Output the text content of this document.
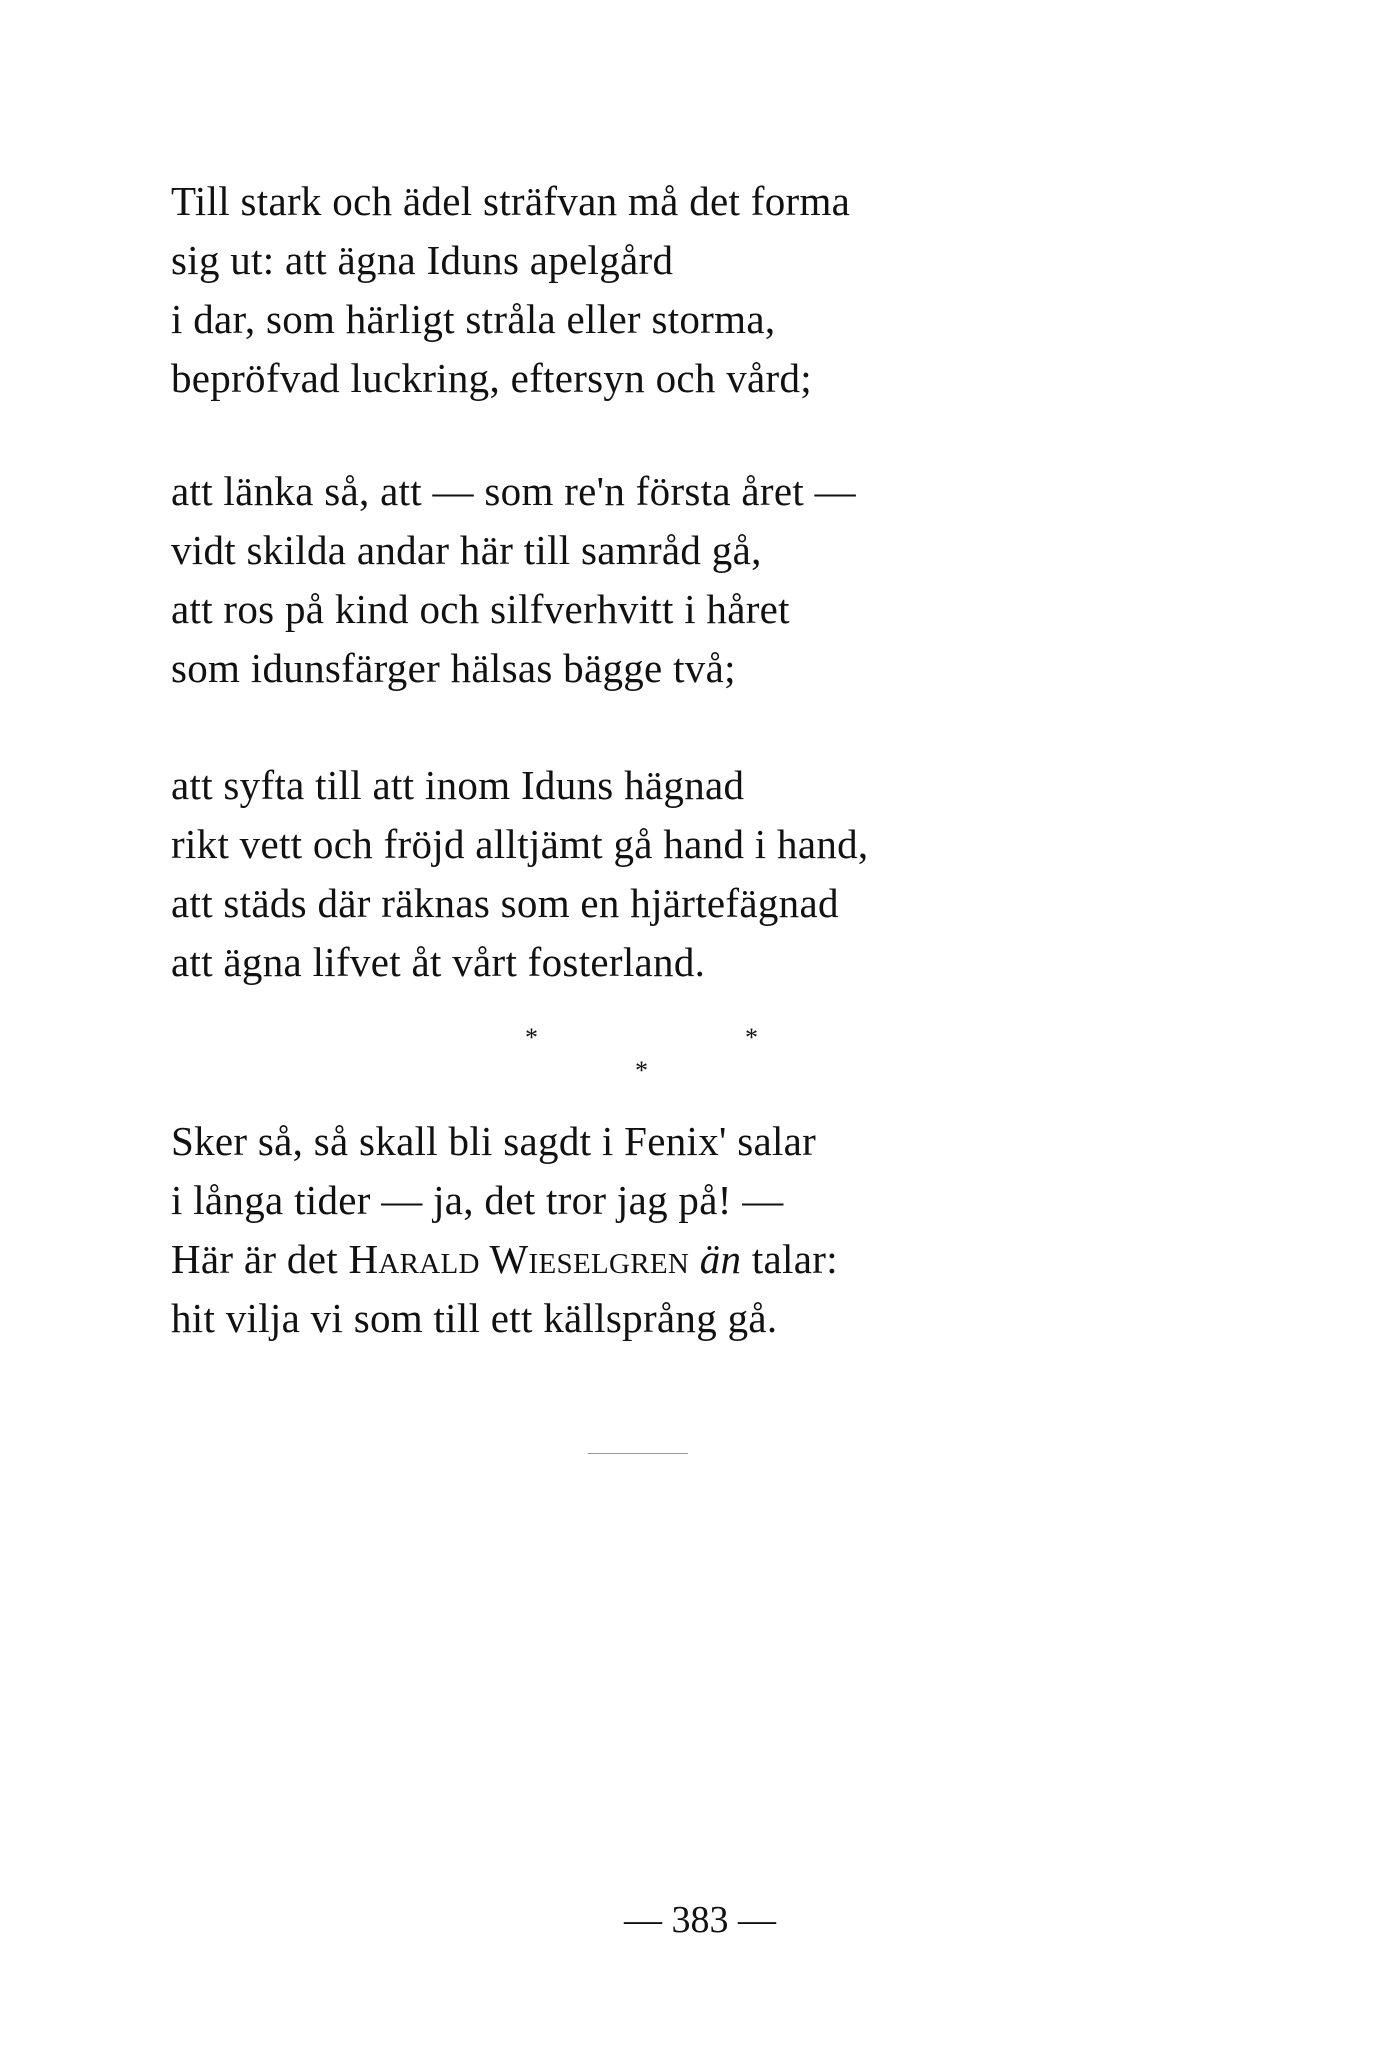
Till stark och ädel sträfvan må det forma
sig ut: att ägna Iduns apelgård
i dar, som härligt stråla eller storma,
bepröfvad luckring, eftersyn och vård;
att länka så, att — som re'n första året —
vidt skilda andar här till samråd gå,
att ros på kind och silfverhvitt i håret
som idunsfärger hälsas bägge två;
att syfta till att inom Iduns hägnad
rikt vett och fröjd alltjämt gå hand i hand,
att städs där räknas som en hjärtefägnad
att ägna lifvet åt vårt fosterland.
*	*
*
Sker så, så skall bli sagdt i Fenix' salar
i långa tider — ja, det tror jag på! —
Här är det Harald Wieselgren än talar:
hit vilja vi som till ett källsprång gå.
— 383 —
